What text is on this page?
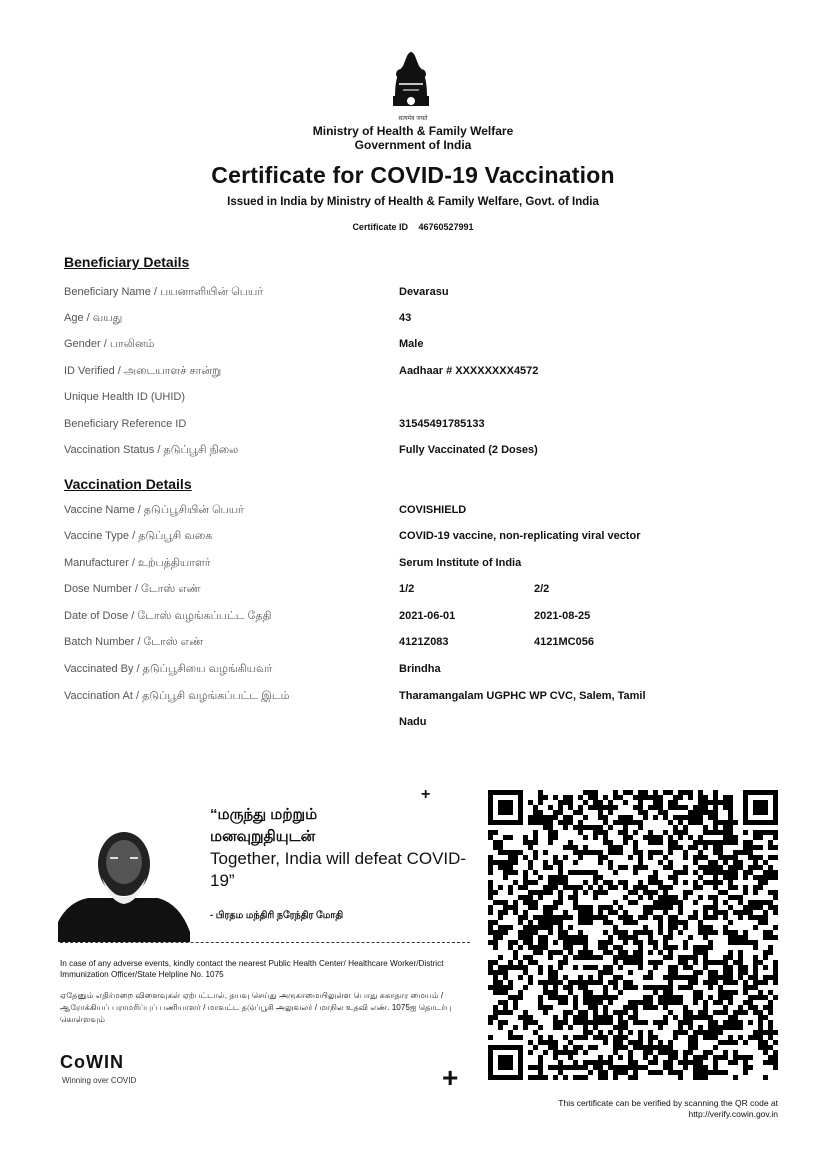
सत्यमेव जयते
Ministry of Health & Family Welfare
Government of India
Certificate for COVID-19 Vaccination
Issued in India by Ministry of Health & Family Welfare, Govt. of India
Certificate ID 46760527991
Beneficiary Details
Beneficiary Name / பயனாளியின் பெயர்	Devarasu
Age / வயது	43
Gender / பாலினம்	Male
ID Verified / அடையாளச் சான்று	Aadhaar # XXXXXXXX4572
Unique Health ID (UHID)
Beneficiary Reference ID	31545491785133
Vaccination Status / தடுப்பூசி நிலை	Fully Vaccinated (2 Doses)
Vaccination Details
Vaccine Name / தடுப்பூசியின் பெயர்	COVISHIELD
Vaccine Type / தடுப்பூசி வகை	COVID-19 vaccine, non-replicating viral vector
Manufacturer / உற்பத்தியாளர்	Serum Institute of India
Dose Number / டோஸ் எண்	1/2	2/2
Date of Dose / டோஸ் வழங்கப்பட்ட தேதி	2021-06-01	2021-08-25
Batch Number / டோஸ் எண்	4121Z083	4121MC056
Vaccinated By / தடுப்பூசியை வழங்கியவர்	Brindha
Vaccination At / தடுப்பூசி வழங்கப்பட்ட இடம்	Tharamangalam UGPHC WP CVC, Salem, Tamil
Nadu
“மருந்து மற்றும்
மனவுறுதியுடன்
Together, India will defeat COVID-19”
- பிரதம மந்திரி நரேந்திர மோதி
+
In case of any adverse events, kindly contact the nearest Public Health Center/ Healthcare Worker/District Immunization Officer/State Helpline No. 1075
ஏதேனும் எதிர்மறை விளைவுகள் ஏற்பட்டால், தயவு செய்து அருகாமையிலுள்ள பொது சுகாதார மையம் / ஆரோக்கியப் பராமரிப்புப் பணியாளர் / மாவட்ட தடுப்பூசி அலுவலர் / மாநில உதவி எண். 1075ஐ தொடர்பு கொள்ளவும்
CoWIN
Winning over COVID	+
This certificate can be verified by scanning the QR code at
http://verify.cowin.gov.in
